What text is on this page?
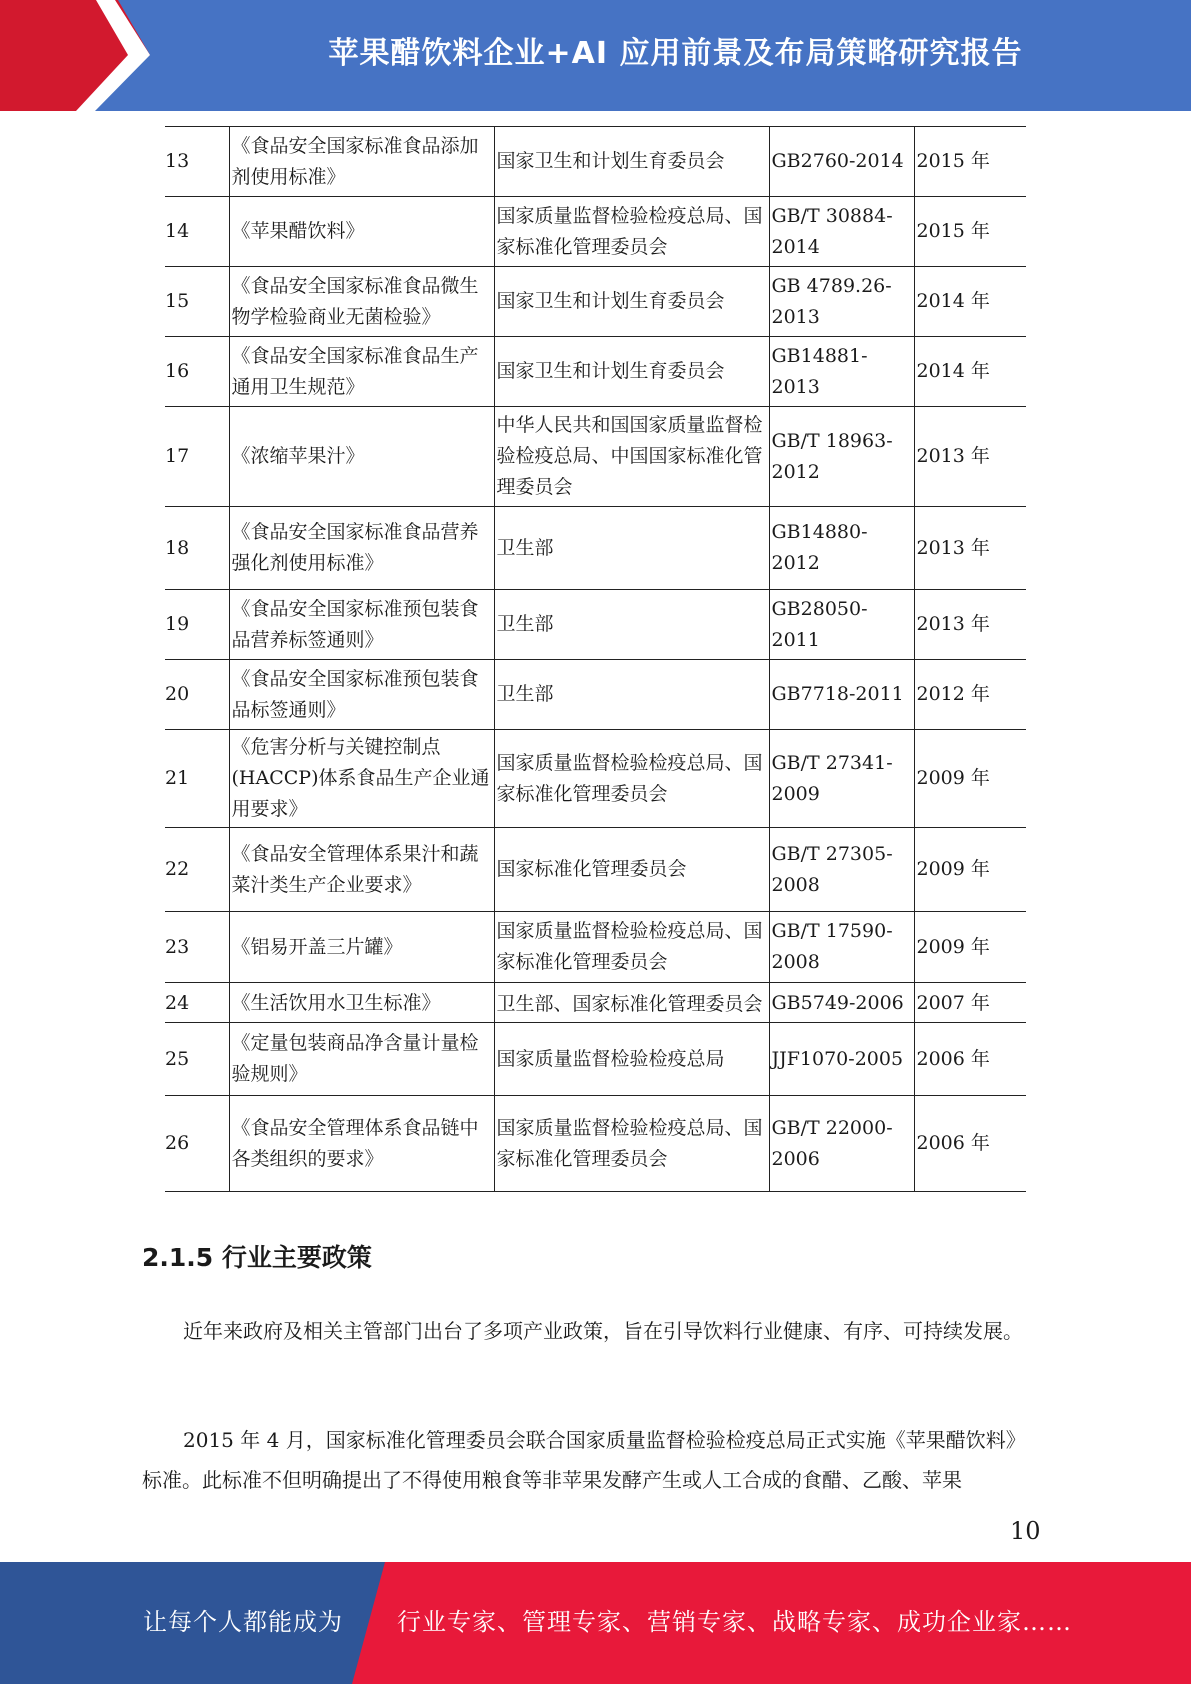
苹果醋饮料企业+AI 应用前景及布局策略研究报告
13	《食品安全国家标准食品添加剂使用标准》	国家卫生和计划生育委员会	GB2760-2014	2015 年
14	《苹果醋饮料》	国家质量监督检验检疫总局、国家标准化管理委员会	GB/T 30884-2014	2015 年
15	《食品安全国家标准食品微生物学检验商业无菌检验》	国家卫生和计划生育委员会	GB 4789.26-2013	2014 年
16	《食品安全国家标准食品生产通用卫生规范》	国家卫生和计划生育委员会	GB14881-2013	2014 年
17	《浓缩苹果汁》	中华人民共和国国家质量监督检验检疫总局、中国国家标准化管理委员会	GB/T 18963-2012	2013 年
18	《食品安全国家标准食品营养强化剂使用标准》	卫生部	GB14880-2012	2013 年
19	《食品安全国家标准预包装食品营养标签通则》	卫生部	GB28050-2011	2013 年
20	《食品安全国家标准预包装食品标签通则》	卫生部	GB7718-2011	2012 年
21	《危害分析与关键控制点(HACCP)体系食品生产企业通用要求》	国家质量监督检验检疫总局、国家标准化管理委员会	GB/T 27341-2009	2009 年
22	《食品安全管理体系果汁和蔬菜汁类生产企业要求》	国家标准化管理委员会	GB/T 27305-2008	2009 年
23	《铝易开盖三片罐》	国家质量监督检验检疫总局、国家标准化管理委员会	GB/T 17590-2008	2009 年
24	《生活饮用水卫生标准》	卫生部、国家标准化管理委员会	GB5749-2006	2007 年
25	《定量包装商品净含量计量检验规则》	国家质量监督检验检疫总局	JJF1070-2005	2006 年
26	《食品安全管理体系食品链中各类组织的要求》	国家质量监督检验检疫总局、国家标准化管理委员会	GB/T 22000-2006	2006 年
2.1.5 行业主要政策

近年来政府及相关主管部门出台了多项产业政策，旨在引导饮料行业健康、有序、可持续发展。

2015 年 4 月，国家标准化管理委员会联合国家质量监督检验检疫总局正式实施《苹果醋饮料》标准。此标准不但明确提出了不得使用粮食等非苹果发酵产生或人工合成的食醋、乙酸、苹果

10
让每个人都能成为 行业专家、管理专家、营销专家、战略专家、成功企业家……
